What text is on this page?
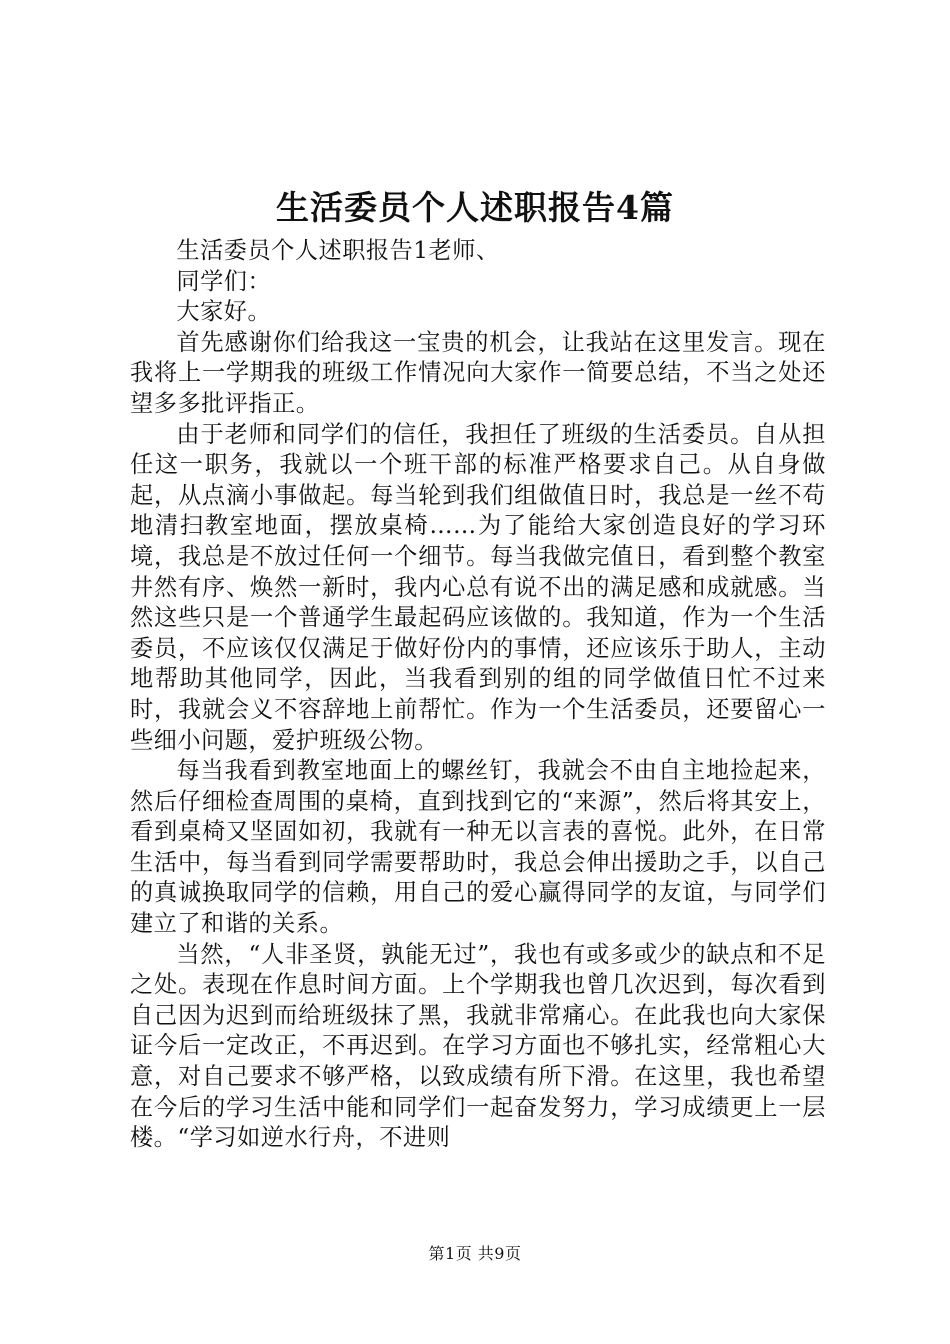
生活委员个人述职报告4篇

生活委员个人述职报告1老师、

同学们：

大家好。

首先感谢你们给我这一宝贵的机会，让我站在这里发言。现在我将上一学期我的班级工作情况向大家作一简要总结，不当之处还望多多批评指正。

由于老师和同学们的信任，我担任了班级的生活委员。自从担任这一职务，我就以一个班干部的标准严格要求自己。从自身做起，从点滴小事做起。每当轮到我们组做值日时，我总是一丝不苟地清扫教室地面，摆放桌椅……为了能给大家创造良好的学习环境，我总是不放过任何一个细节。每当我做完值日，看到整个教室井然有序、焕然一新时，我内心总有说不出的满足感和成就感。当然这些只是一个普通学生最起码应该做的。我知道，作为一个生活委员，不应该仅仅满足于做好份内的事情，还应该乐于助人，主动地帮助其他同学，因此，当我看到别的组的同学做值日忙不过来时，我就会义不容辞地上前帮忙。作为一个生活委员，还要留心一些细小问题，爱护班级公物。

每当我看到教室地面上的螺丝钉，我就会不由自主地捡起来，然后仔细检查周围的桌椅，直到找到它的“来源”，然后将其安上，看到桌椅又坚固如初，我就有一种无以言表的喜悦。此外，在日常生活中，每当看到同学需要帮助时，我总会伸出援助之手，以自己的真诚换取同学的信赖，用自己的爱心赢得同学的友谊，与同学们建立了和谐的关系。

当然，“人非圣贤，孰能无过”，我也有或多或少的缺点和不足之处。表现在作息时间方面。上个学期我也曾几次迟到，每次看到自己因为迟到而给班级抹了黑，我就非常痛心。在此我也向大家保证今后一定改正，不再迟到。在学习方面也不够扎实，经常粗心大意，对自己要求不够严格，以致成绩有所下滑。在这里，我也希望在今后的学习生活中能和同学们一起奋发努力，学习成绩更上一层楼。“学习如逆水行舟，不进则

第1页 共9页
